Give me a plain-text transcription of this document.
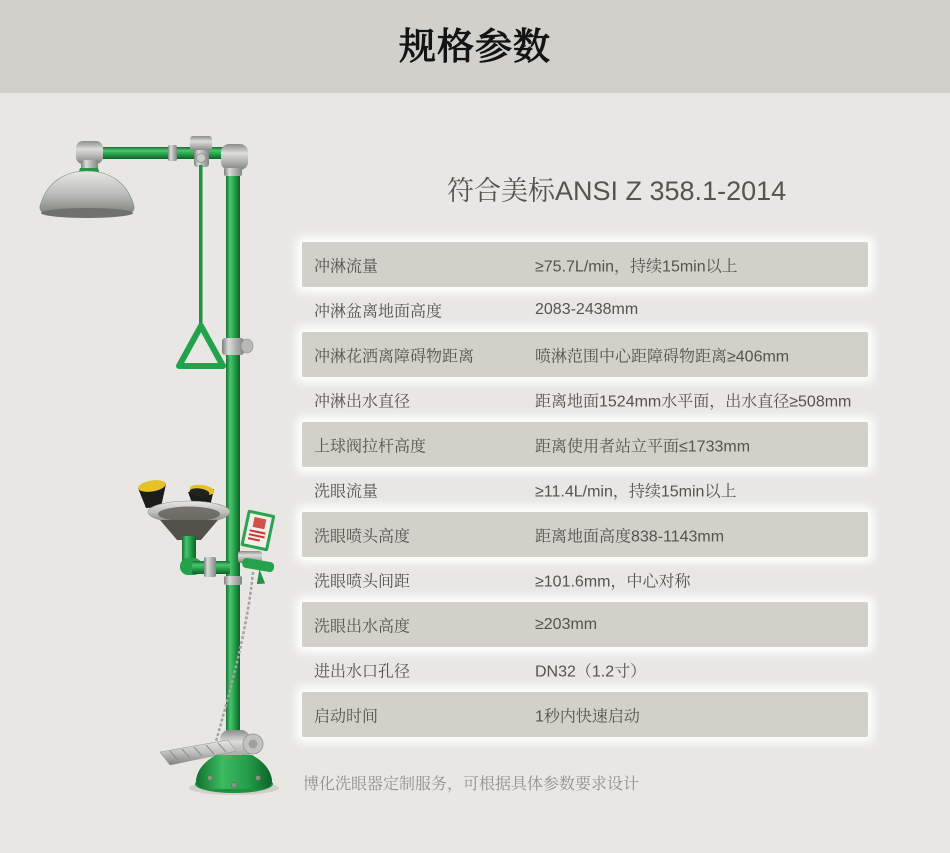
规格参数
符合美标ANSI Z 358.1-2014
冲淋流量	≥75.7L/min，持续15min以上
冲淋盆离地面高度	2083-2438mm
冲淋花洒离障碍物距离	喷淋范围中心距障碍物距离≥406mm
冲淋出水直径	距离地面1524mm水平面，出水直径≥508mm
上球阀拉杆高度	距离使用者站立平面≤1733mm
洗眼流量	≥11.4L/min，持续15min以上
洗眼喷头高度	距离地面高度838-1143mm
洗眼喷头间距	≥101.6mm，中心对称
洗眼出水高度	≥203mm
进出水口孔径	DN32（1.2寸）
启动时间	1秒内快速启动

博化洗眼器定制服务，可根据具体参数要求设计
